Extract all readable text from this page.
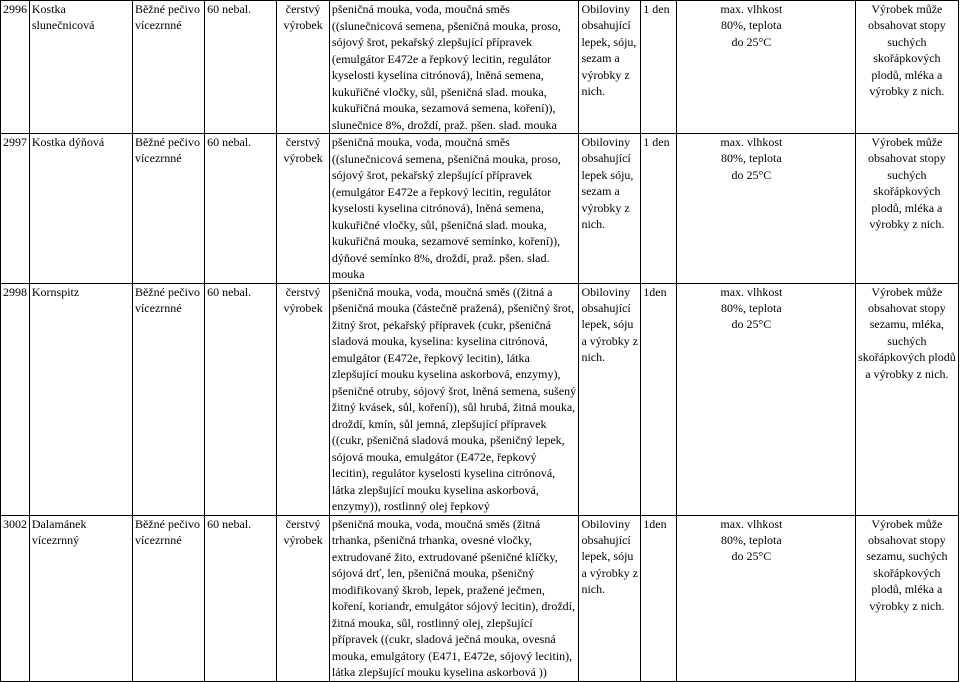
2996	Kostka slunečnicová	Běžné pečivo vícezrnné	60 nebal.	čerstvý výrobek	pšeničná mouka, voda, moučná směs ((slunečnicová semena, pšeničná mouka, proso, sójový šrot, pekařský zlepšující přípravek (emulgátor E472e a řepkový lecitin, regulátor kyselosti kyselina citrónová), lněná semena, kukuřičné vločky, sůl, pšeničná slad. mouka, kukuřičná mouka, sezamová semena, koření)), slunečnice 8%, droždí, praž. pšen. slad. mouka	Obiloviny obsahující lepek, sóju, sezam a výrobky z nich.	1 den	max. vlhkost 80%, teplota do 25°C	Výrobek může obsahovat stopy suchých skořápkových plodů, mléka a výrobky z nich.
2997	Kostka dýňová	Běžné pečivo vícezrnné	60 nebal.	čerstvý výrobek	pšeničná mouka, voda, moučná směs ((slunečnicová semena, pšeničná mouka, proso, sójový šrot, pekařský zlepšující přípravek (emulgátor E472e a řepkový lecitin, regulátor kyselosti kyselina citrónová), lněná semena, kukuřičné vločky, sůl, pšeničná slad. mouka, kukuřičná mouka, sezamové semínko, koření)), dýňové semínko 8%, droždí, praž. pšen. slad. mouka	Obiloviny obsahující lepek sóju, sezam a výrobky z nich.	1 den	max. vlhkost 80%, teplota do 25°C	Výrobek může obsahovat stopy suchých skořápkových plodů, mléka a výrobky z nich.
2998	Kornspitz	Běžné pečivo vícezrnné	60 nebal.	čerstvý výrobek	pšeničná mouka, voda, moučná směs ((žitná a pšeničná mouka (částečně pražená), pšeničný šrot, žitný šrot, pekařský přípravek (cukr, pšeničná sladová mouka, kyselina: kyselina citrónová, emulgátor (E472e, řepkový lecitin), látka zlepšující mouku kyselina askorbová, enzymy), pšeničné otruby, sójový šrot, lněná semena, sušený žitný kvásek, sůl, koření)), sůl hrubá, žitná mouka, droždí, kmín, sůl jemná, zlepšující přípravek ((cukr, pšeničná sladová mouka, pšeničný lepek, sójová mouka, emulgátor (E472e, řepkový lecitin), regulátor kyselosti kyselina citrónová, látka zlepšující mouku kyselina askorbová, enzymy)), rostlinný olej řepkový	Obiloviny obsahující lepek, sóju a výrobky z nich.	1den	max. vlhkost 80%, teplota do 25°C	Výrobek může obsahovat stopy sezamu, mléka, suchých skořápkových plodů a výrobky z nich.
3002	Dalamánek vícezrnný	Běžné pečivo vícezrnné	60 nebal.	čerstvý výrobek	pšeničná mouka, voda, moučná směs (žitná trhanka, pšeničná trhanka, ovesné vločky, extrudované žito, extrudované pšeničné klíčky, sójová drť, len, pšeničná mouka, pšeničný modifikovaný škrob, lepek, pražené ječmen, koření, koriandr, emulgátor sójový lecitin), droždí, žitná mouka, sůl, rostlinný olej, zlepšující přípravek ((cukr, sladová ječná mouka, ovesná mouka, emulgátory (E471, E472e, sójový lecitin), látka zlepšující mouku kyselina askorbová ))	Obiloviny obsahující lepek, sóju a výrobky z nich.	1den	max. vlhkost 80%, teplota do 25°C	Výrobek může obsahovat stopy sezamu, suchých skořápkových plodů, mléka a výrobky z nich.
